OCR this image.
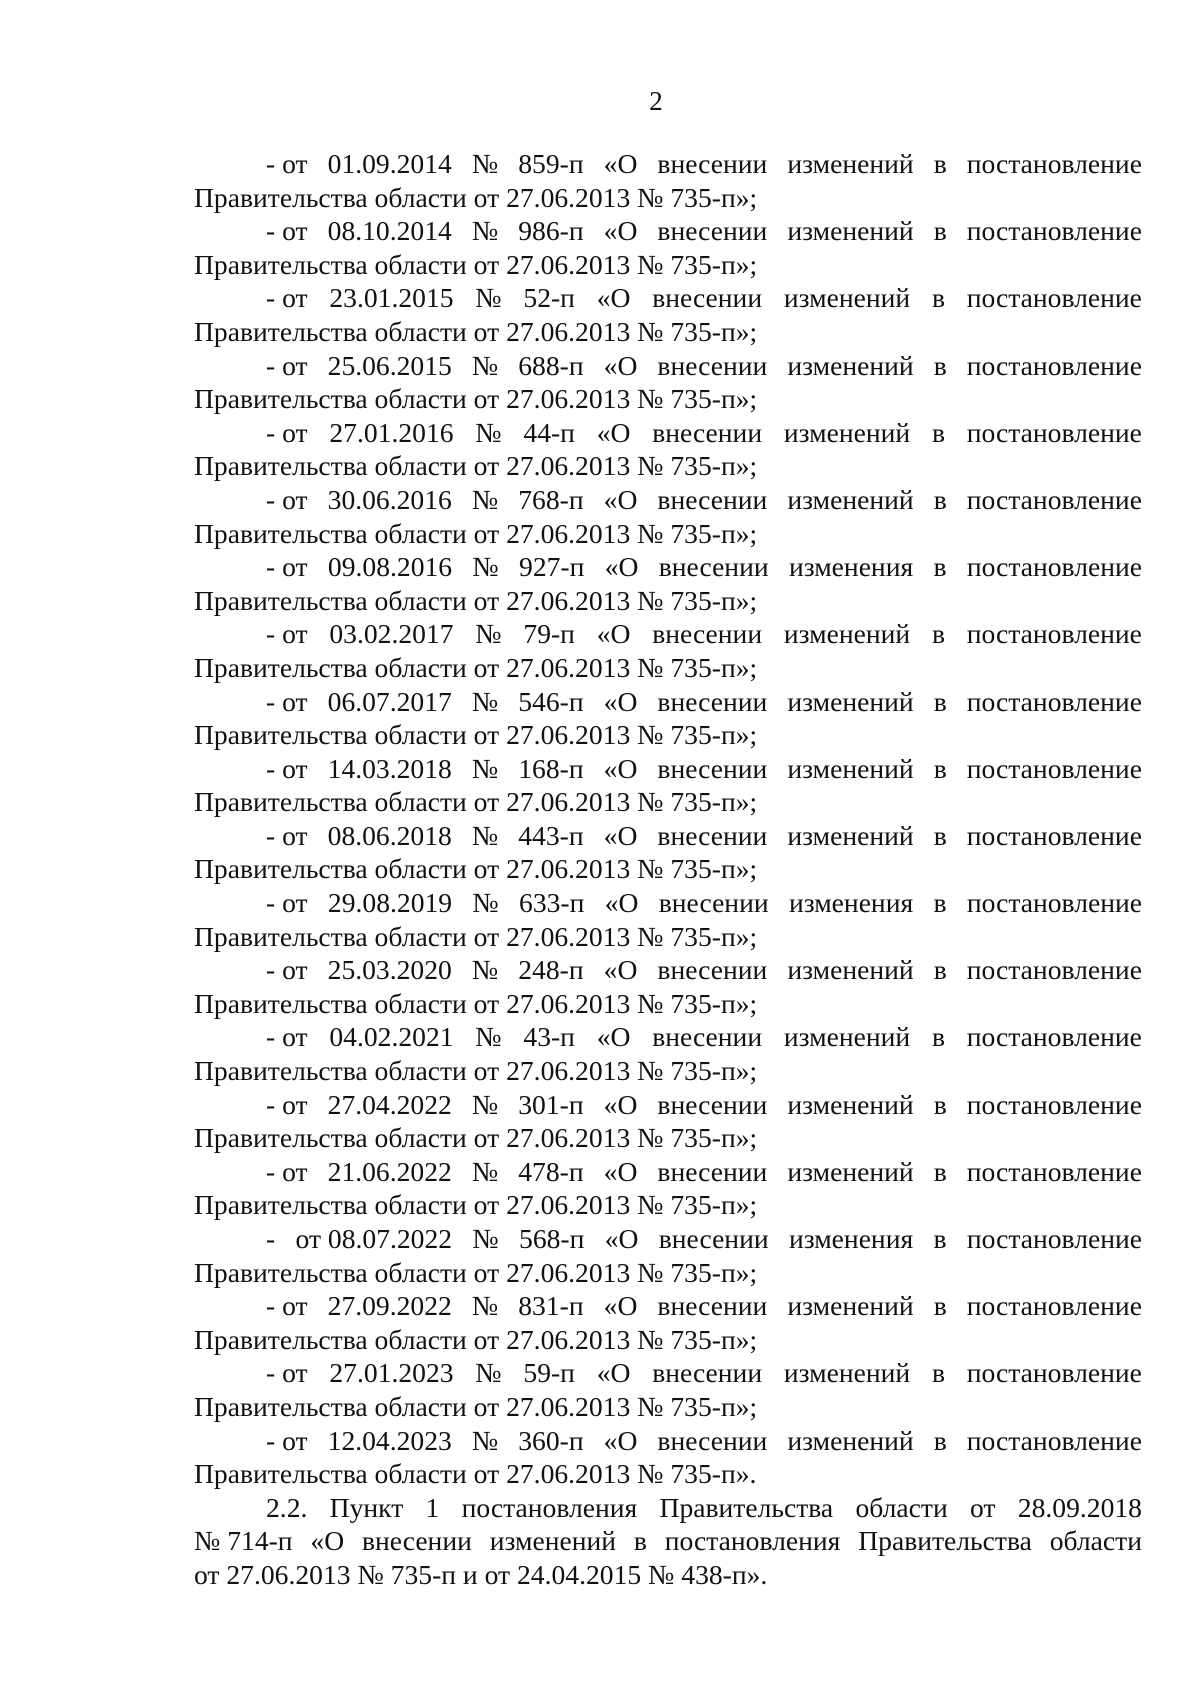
2
- от 01.09.2014 № 859-п «О внесении изменений в постановление
Правительства области от 27.06.2013 № 735-п»;
- от 08.10.2014 № 986-п «О внесении изменений в постановление
Правительства области от 27.06.2013 № 735-п»;
- от 23.01.2015 № 52-п «О внесении изменений в постановление
Правительства области от 27.06.2013 № 735-п»;
- от 25.06.2015 № 688-п «О внесении изменений в постановление
Правительства области от 27.06.2013 № 735-п»;
- от 27.01.2016 № 44-п «О внесении изменений в постановление
Правительства области от 27.06.2013 № 735-п»;
- от 30.06.2016 № 768-п «О внесении изменений в постановление
Правительства области от 27.06.2013 № 735-п»;
- от 09.08.2016 № 927-п «О внесении изменения в постановление
Правительства области от 27.06.2013 № 735-п»;
- от 03.02.2017 № 79-п «О внесении изменений в постановление
Правительства области от 27.06.2013 № 735-п»;
- от 06.07.2017 № 546-п «О внесении изменений в постановление
Правительства области от 27.06.2013 № 735-п»;
- от 14.03.2018 № 168-п «О внесении изменений в постановление
Правительства области от 27.06.2013 № 735-п»;
- от 08.06.2018 № 443-п «О внесении изменений в постановление
Правительства области от 27.06.2013 № 735-п»;
- от 29.08.2019 № 633-п «О внесении изменения в постановление
Правительства области от 27.06.2013 № 735-п»;
- от 25.03.2020 № 248-п «О внесении изменений в постановление
Правительства области от 27.06.2013 № 735-п»;
- от 04.02.2021 № 43-п «О внесении изменений в постановление
Правительства области от 27.06.2013 № 735-п»;
- от 27.04.2022 № 301-п «О внесении изменений в постановление
Правительства области от 27.06.2013 № 735-п»;
- от 21.06.2022 № 478-п «О внесении изменений в постановление
Правительства области от 27.06.2013 № 735-п»;
- от 08.07.2022 № 568-п «О внесении изменения в постановление
Правительства области от 27.06.2013 № 735-п»;
- от 27.09.2022 № 831-п «О внесении изменений в постановление
Правительства области от 27.06.2013 № 735-п»;
- от 27.01.2023 № 59-п «О внесении изменений в постановление
Правительства области от 27.06.2013 № 735-п»;
- от 12.04.2023 № 360-п «О внесении изменений в постановление
Правительства области от 27.06.2013 № 735-п».
2.2. Пункт 1 постановления Правительства области от 28.09.2018
№ 714-п «О внесении изменений в постановления Правительства области
от 27.06.2013 № 735-п и от 24.04.2015 № 438-п».
